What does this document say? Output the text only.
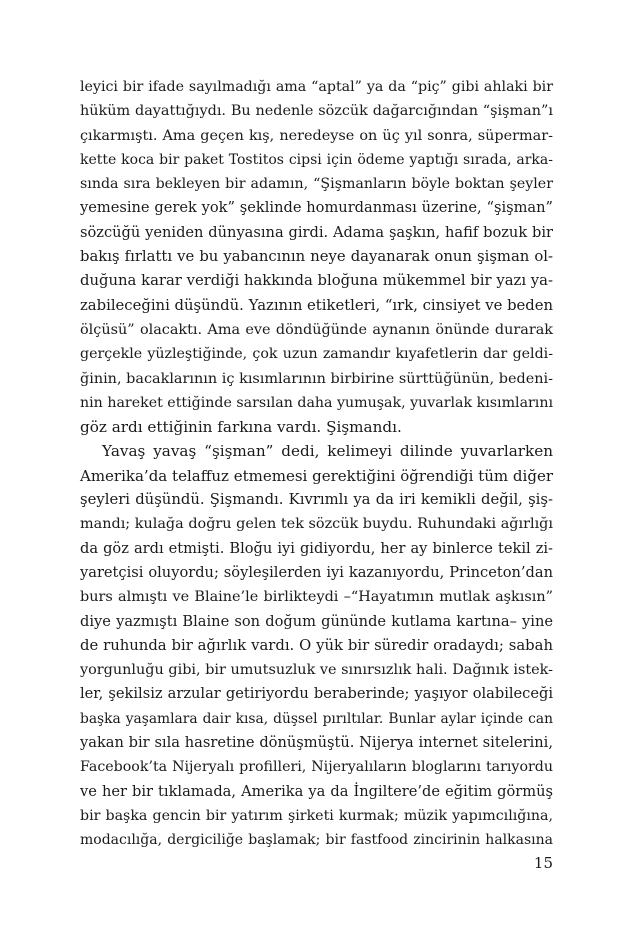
leyici bir ifade sayılmadığı ama “aptal” ya da “piç” gibi ahlaki bir
hüküm dayattığıydı. Bu nedenle sözcük dağarcığından “şişman”ı
çıkarmıştı. Ama geçen kış, neredeyse on üç yıl sonra, süpermar-
kette koca bir paket Tostitos cipsi için ödeme yaptığı sırada, arka-
sında sıra bekleyen bir adamın, “Şişmanların böyle boktan şeyler
yemesine gerek yok” şeklinde homurdanması üzerine, “şişman”
sözcüğü yeniden dünyasına girdi. Adama şaşkın, hafif bozuk bir
bakış fırlattı ve bu yabancının neye dayanarak onun şişman ol-
duğuna karar verdiği hakkında bloğuna mükemmel bir yazı ya-
zabileceğini düşündü. Yazının etiketleri, “ırk, cinsiyet ve beden
ölçüsü” olacaktı. Ama eve döndüğünde aynanın önünde durarak
gerçekle yüzleştiğinde, çok uzun zamandır kıyafetlerin dar geldi-
ğinin, bacaklarının iç kısımlarının birbirine sürttüğünün, bedeni-
nin hareket ettiğinde sarsılan daha yumuşak, yuvarlak kısımlarını
göz ardı ettiğinin farkına vardı. Şişmandı.
Yavaş yavaş “şişman” dedi, kelimeyi dilinde yuvarlarken
Amerika’da telaffuz etmemesi gerektiğini öğrendiği tüm diğer
şeyleri düşündü. Şişmandı. Kıvrımlı ya da iri kemikli değil, şiş-
mandı; kulağa doğru gelen tek sözcük buydu. Ruhundaki ağırlığı
da göz ardı etmişti. Bloğu iyi gidiyordu, her ay binlerce tekil zi-
yaretçisi oluyordu; söyleşilerden iyi kazanıyordu, Princeton’dan
burs almıştı ve Blaine’le birlikteydi –“Hayatımın mutlak aşkısın”
diye yazmıştı Blaine son doğum gününde kutlama kartına– yine
de ruhunda bir ağırlık vardı. O yük bir süredir oradaydı; sabah
yorgunluğu gibi, bir umutsuzluk ve sınırsızlık hali. Dağınık istek-
ler, şekilsiz arzular getiriyordu beraberinde; yaşıyor olabileceği
başka yaşamlara dair kısa, düşsel pırıltılar. Bunlar aylar içinde can
yakan bir sıla hasretine dönüşmüştü. Nijerya internet sitelerini,
Facebook’ta Nijeryalı profilleri, Nijeryalıların bloglarını tarıyordu
ve her bir tıklamada, Amerika ya da İngiltere’de eğitim görmüş
bir başka gencin bir yatırım şirketi kurmak; müzik yapımcılığına,
modacılığa, dergiciliğe başlamak; bir fastfood zincirinin halkasına
15
